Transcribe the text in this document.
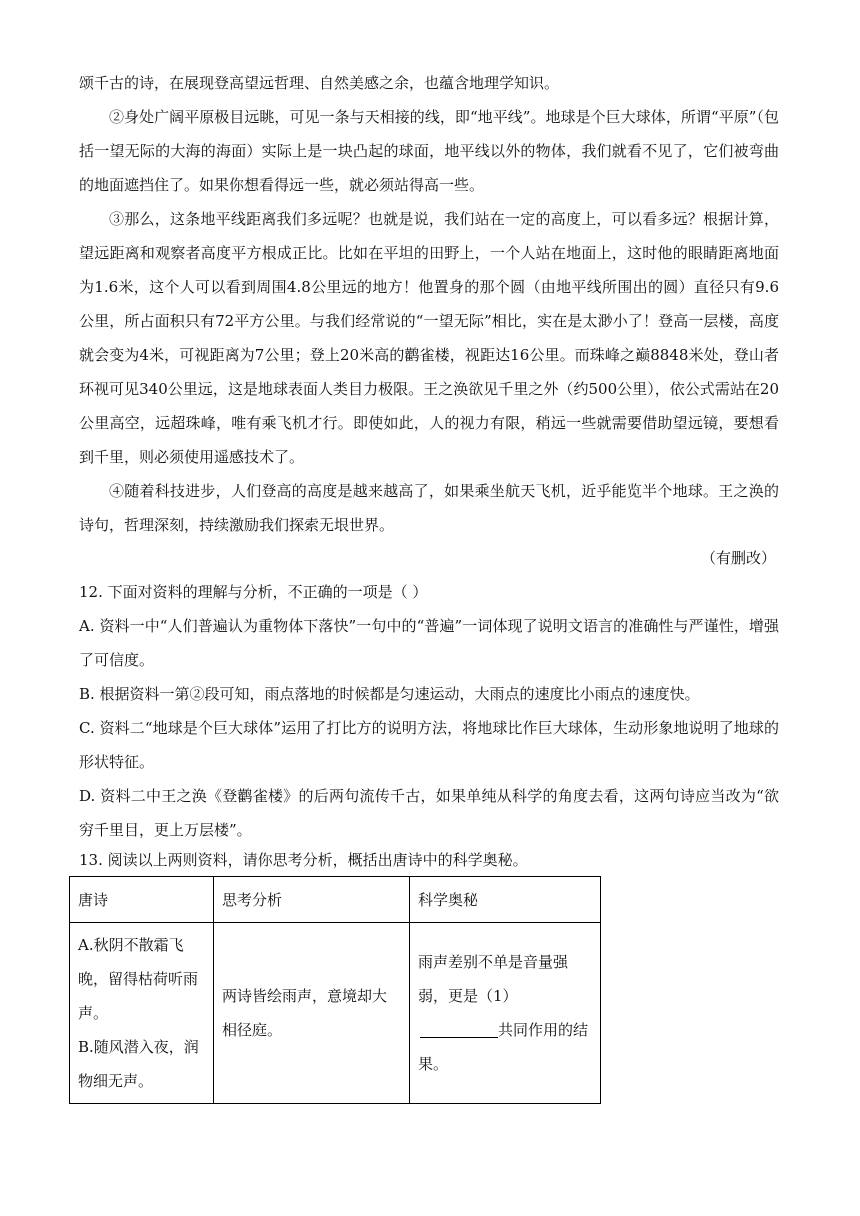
颂千古的诗，在展现登高望远哲理、自然美感之余，也蕴含地理学知识。

②身处广阔平原极目远眺，可见一条与天相接的线，即“地平线”。地球是个巨大球体，所谓“平原”（包括一望无际的大海的海面）实际上是一块凸起的球面，地平线以外的物体，我们就看不见了，它们被弯曲的地面遮挡住了。如果你想看得远一些，就必须站得高一些。

③那么，这条地平线距离我们多远呢？也就是说，我们站在一定的高度上，可以看多远？根据计算，望远距离和观察者高度平方根成正比。比如在平坦的田野上，一个人站在地面上，这时他的眼睛距离地面为1.6米，这个人可以看到周围4.8公里远的地方！他置身的那个圆（由地平线所围出的圆）直径只有9.6公里，所占面积只有72平方公里。与我们经常说的“一望无际”相比，实在是太渺小了！登高一层楼，高度就会变为4米，可视距离为7公里；登上20米高的鹳雀楼，视距达16公里。而珠峰之巅8848米处，登山者环视可见340公里远，这是地球表面人类目力极限。王之涣欲见千里之外（约500公里），依公式需站在20公里高空，远超珠峰，唯有乘飞机才行。即使如此，人的视力有限，稍远一些就需要借助望远镜，要想看到千里，则必须使用遥感技术了。

④随着科技进步，人们登高的高度是越来越高了，如果乘坐航天飞机，近乎能览半个地球。王之涣的诗句，哲理深刻，持续激励我们探索无垠世界。

（有删改）

12. 下面对资料的理解与分析，不正确的一项是（ ）

A. 资料一中“人们普遍认为重物体下落快”一句中的“普遍”一词体现了说明文语言的准确性与严谨性，增强了可信度。

B. 根据资料一第②段可知，雨点落地的时候都是匀速运动，大雨点的速度比小雨点的速度快。

C. 资料二“地球是个巨大球体”运用了打比方的说明方法，将地球比作巨大球体，生动形象地说明了地球的形状特征。

D. 资料二中王之涣《登鹳雀楼》的后两句流传千古，如果单纯从科学的角度去看，这两句诗应当改为“欲穷千里目，更上万层楼”。

13. 阅读以上两则资料，请你思考分析，概括出唐诗中的科学奥秘。

唐诗	思考分析	科学奥秘

A.秋阴不散霜飞晚，留得枯荷听雨声。
B.随风潜入夜，润物细无声。	两诗皆绘雨声，意境却大相径庭。	雨声差别不单是音量强弱，更是（1）共同作用的结果。
